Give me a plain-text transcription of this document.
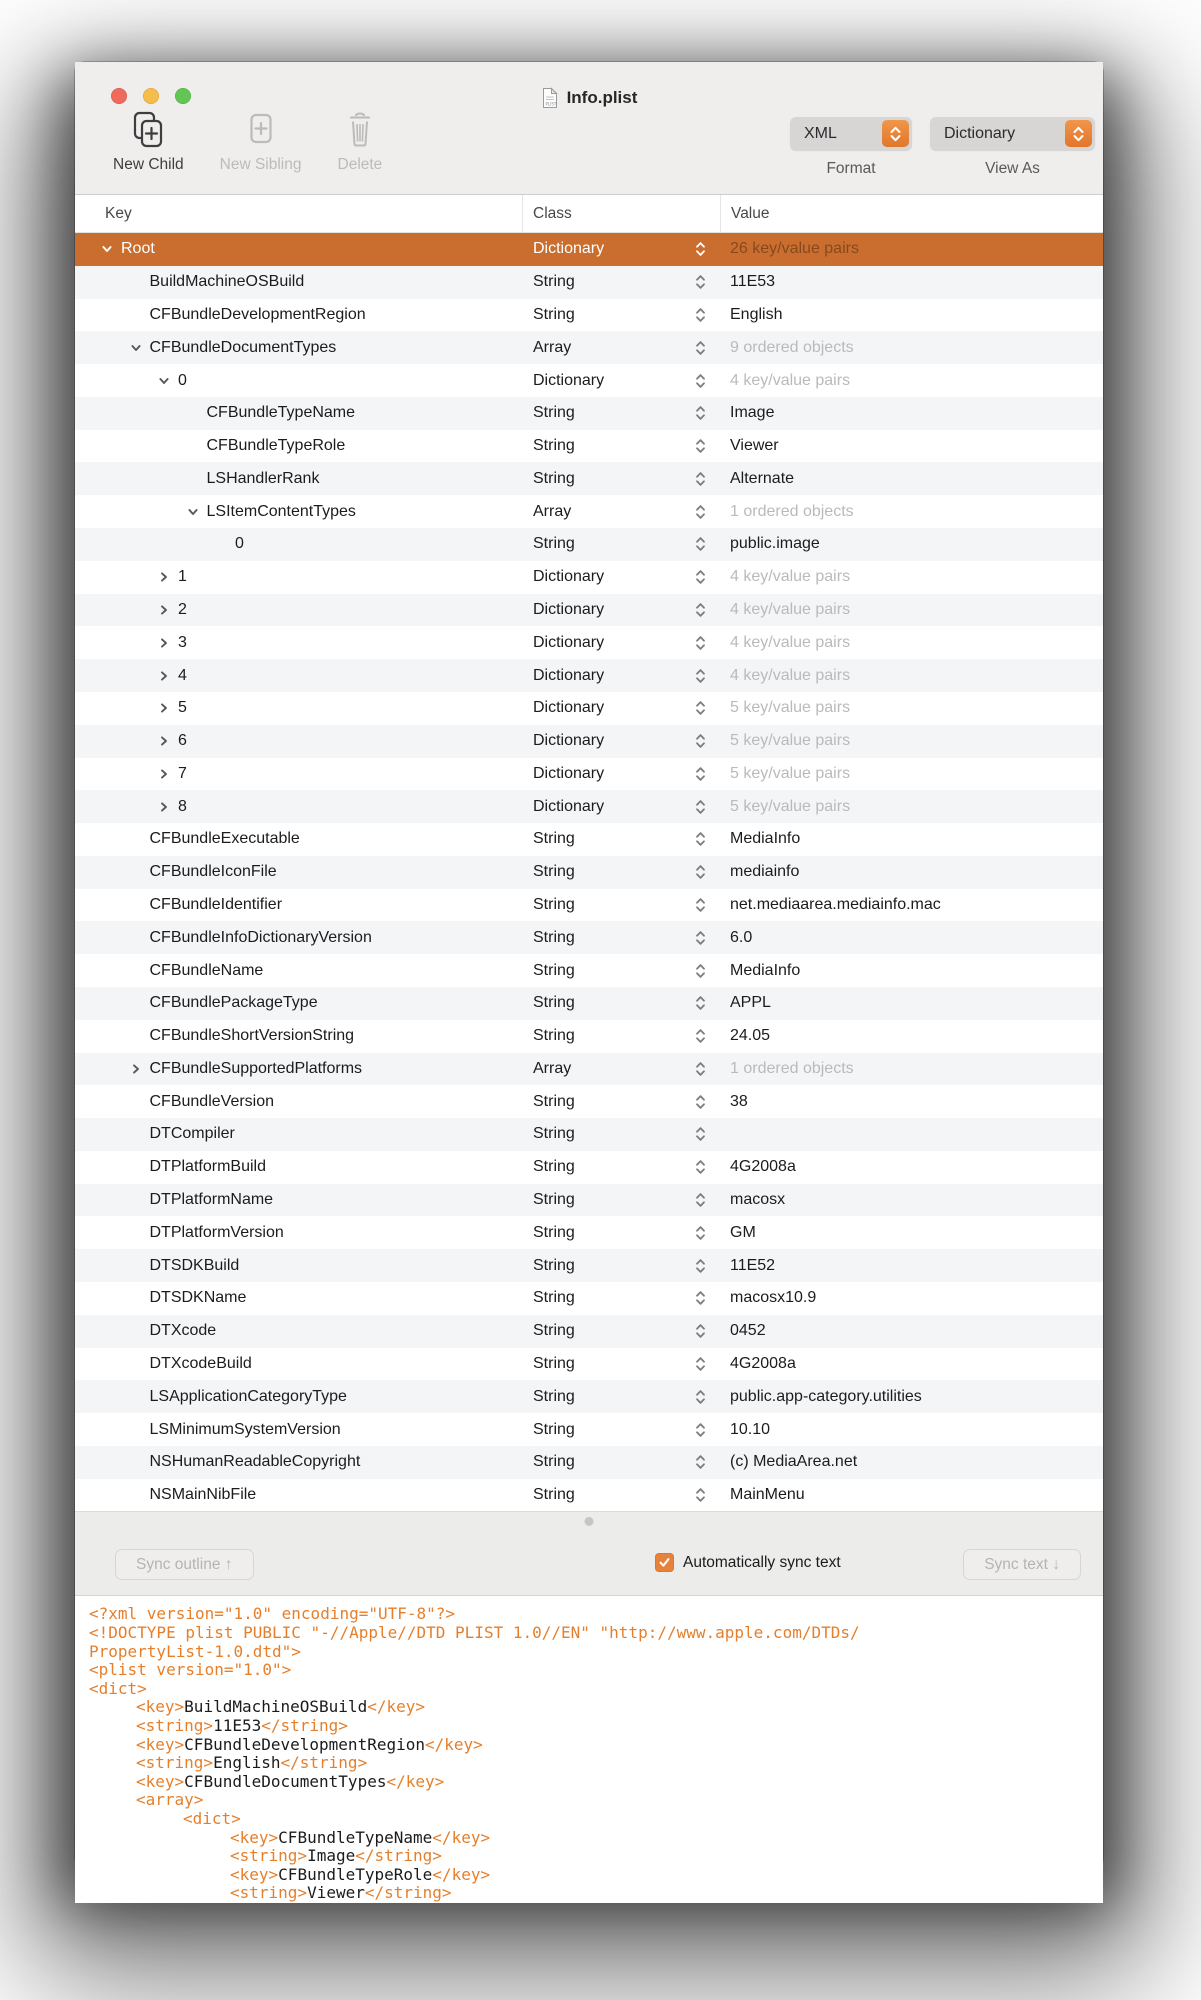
PLIST Info.plist
New Child New Sibling Delete
XML
Format
Dictionary
View As
Key	Class	Value
Root	Dictionary	26 key/value pairs
BuildMachineOSBuild	String	11E53
CFBundleDevelopmentRegion	String	English
CFBundleDocumentTypes	Array	9 ordered objects
0	Dictionary	4 key/value pairs
CFBundleTypeName	String	Image
CFBundleTypeRole	String	Viewer
LSHandlerRank	String	Alternate
LSItemContentTypes	Array	1 ordered objects
0	String	public.image
1	Dictionary	4 key/value pairs
2	Dictionary	4 key/value pairs
3	Dictionary	4 key/value pairs
4	Dictionary	4 key/value pairs
5	Dictionary	5 key/value pairs
6	Dictionary	5 key/value pairs
7	Dictionary	5 key/value pairs
8	Dictionary	5 key/value pairs
CFBundleExecutable	String	MediaInfo
CFBundleIconFile	String	mediainfo
CFBundleIdentifier	String	net.mediaarea.mediainfo.mac
CFBundleInfoDictionaryVersion	String	6.0
CFBundleName	String	MediaInfo
CFBundlePackageType	String	APPL
CFBundleShortVersionString	String	24.05
CFBundleSupportedPlatforms	Array	1 ordered objects
CFBundleVersion	String	38
DTCompiler	String
DTPlatformBuild	String	4G2008a
DTPlatformName	String	macosx
DTPlatformVersion	String	GM
DTSDKBuild	String	11E52
DTSDKName	String	macosx10.9
DTXcode	String	0452
DTXcodeBuild	String	4G2008a
LSApplicationCategoryType	String	public.app-category.utilities
LSMinimumSystemVersion	String	10.10
NSHumanReadableCopyright	String	(c) MediaArea.net
NSMainNibFile	String	MainMenu
Sync outline ↑	Automatically sync text	Sync text ↓
<?xml version="1.0" encoding="UTF-8"?>
<!DOCTYPE plist PUBLIC "-//Apple//DTD PLIST 1.0//EN" "http://www.apple.com/DTDs/
PropertyList-1.0.dtd">
<plist version="1.0">
<dict>
<key>BuildMachineOSBuild</key>
<string>11E53</string>
<key>CFBundleDevelopmentRegion</key>
<string>English</string>
<key>CFBundleDocumentTypes</key>
<array>
<dict>
<key>CFBundleTypeName</key>
<string>Image</string>
<key>CFBundleTypeRole</key>
<string>Viewer</string>
